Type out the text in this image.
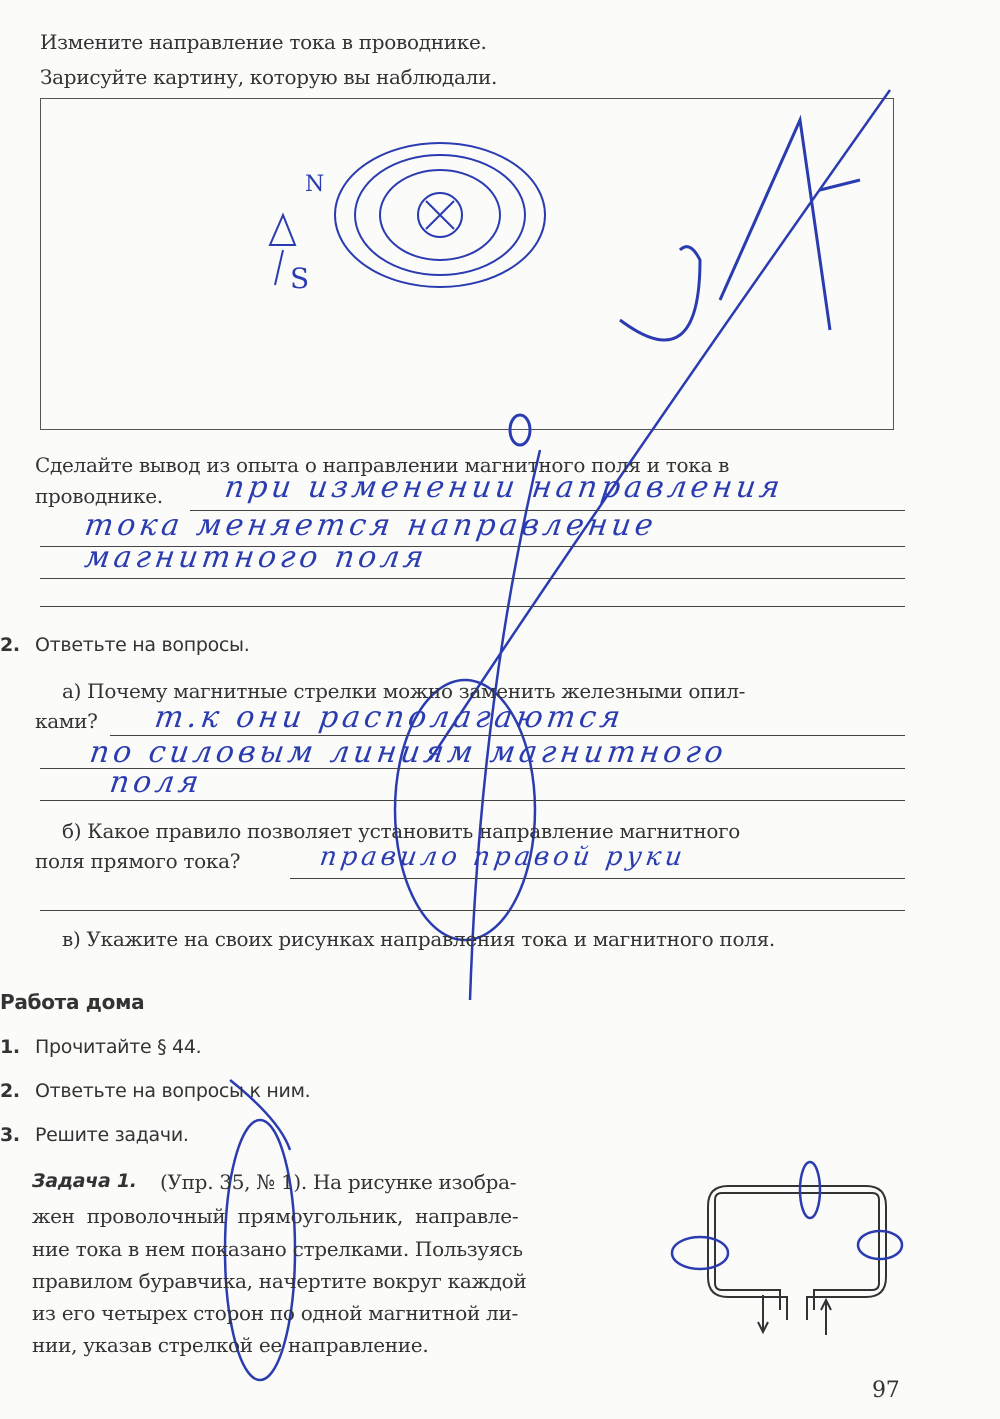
Измените направление тока в проводнике.
Зарисуйте картину, которую вы наблюдали.
N
S
Сделайте вывод из опыта о направлении магнитного поля и тока в
проводнике. при изменении направления
тока меняется направление
магнитного поля
2. Ответьте на вопросы.
а) Почему магнитные стрелки можно заменить железными опил-
ками? т.к они располагаются
по силовым линиям магнитного
поля
б) Какое правило позволяет установить направление магнитного
поля прямого тока?	правило правой руки
в) Укажите на своих рисунках направления тока и магнитного поля.
Работа дома
1. Прочитайте § 44.
2. Ответьте на вопросы к ним.
3. Решите задачи.
Задача 1. (Упр. 35, № 1). На рисунке изобра-
жен проволочный прямоугольник, направле-
ние тока в нем показано стрелками. Пользуясь
правилом буравчика, начертите вокруг каждой
из его четырех сторон по одной магнитной ли-
нии, указав стрелкой ее направление.
97
